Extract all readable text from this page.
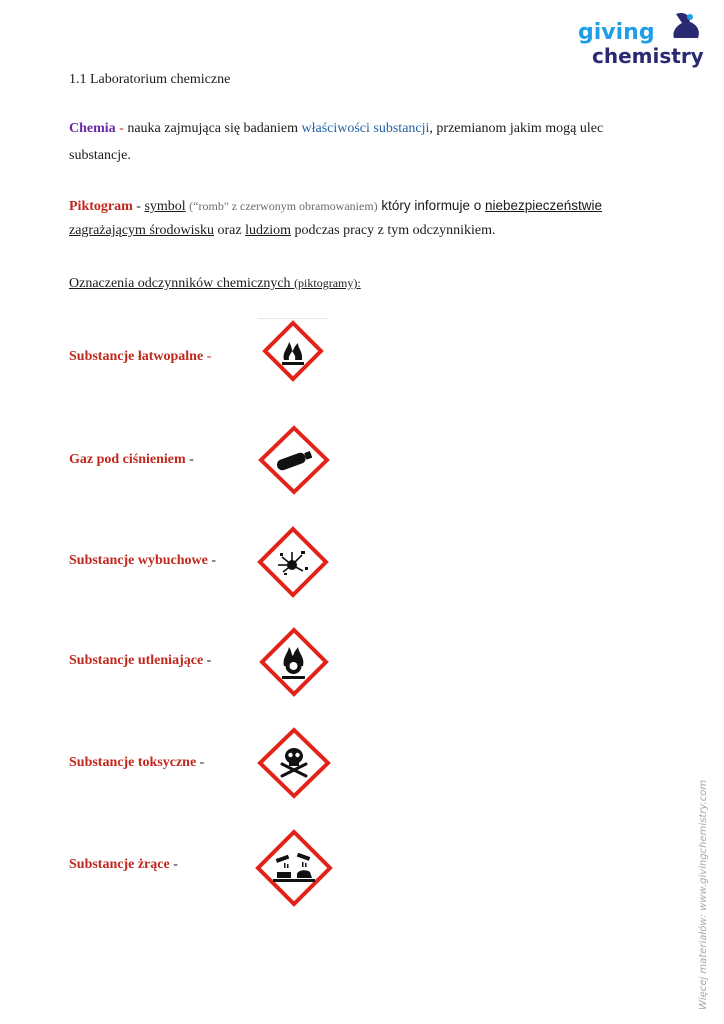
giving
chemistry
1.1 Laboratorium chemiczne
Chemia - nauka zajmująca się badaniem właściwości substancji, przemianom jakim mogą ulec
substancje.
Piktogram - symbol (“romb" z czerwonym obramowaniem) który informuje o niebezpieczeństwie
zagrażającym środowisku oraz ludziom podczas pracy z tym odczynnikiem.
Oznaczenia odczynników chemicznych (piktogramy):
Substancje łatwopalne -
Gaz pod ciśnieniem -
Substancje wybuchowe -
Substancje utleniające -
Substancje toksyczne -
Substancje żrące -	Więcej materiałów: www.givingchemistry.com
